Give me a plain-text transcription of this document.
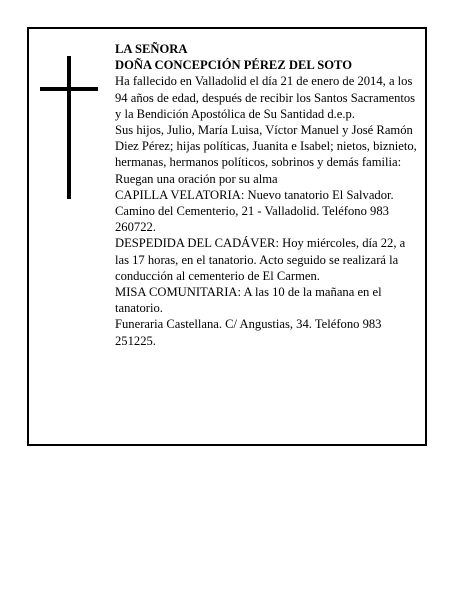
LA SEÑORA

DOÑA CONCEPCIÓN PÉREZ DEL SOTO

Ha fallecido en Valladolid el día 21 de enero de 2014, a los 94 años de edad, después de recibir los Santos Sacramentos y la Bendición Apostólica de Su Santidad d.e.p.

Sus hijos, Julio, María Luisa, Víctor Manuel y José Ramón Diez Pérez; hijas políticas, Juanita e Isabel; nietos, biznieto, hermanas, hermanos políticos, sobrinos y demás familia:

Ruegan una oración por su alma

CAPILLA VELATORIA: Nuevo tanatorio El Salvador. Camino del Cementerio, 21 - Valladolid. Teléfono 983 260722.

DESPEDIDA DEL CADÁVER: Hoy miércoles, día 22, a las 17 horas, en el tanatorio. Acto seguido se realizará la conducción al cementerio de El Carmen.

MISA COMUNITARIA: A las 10 de la mañana en el tanatorio.

Funeraria Castellana. C/ Angustias, 34. Teléfono 983 251225.
